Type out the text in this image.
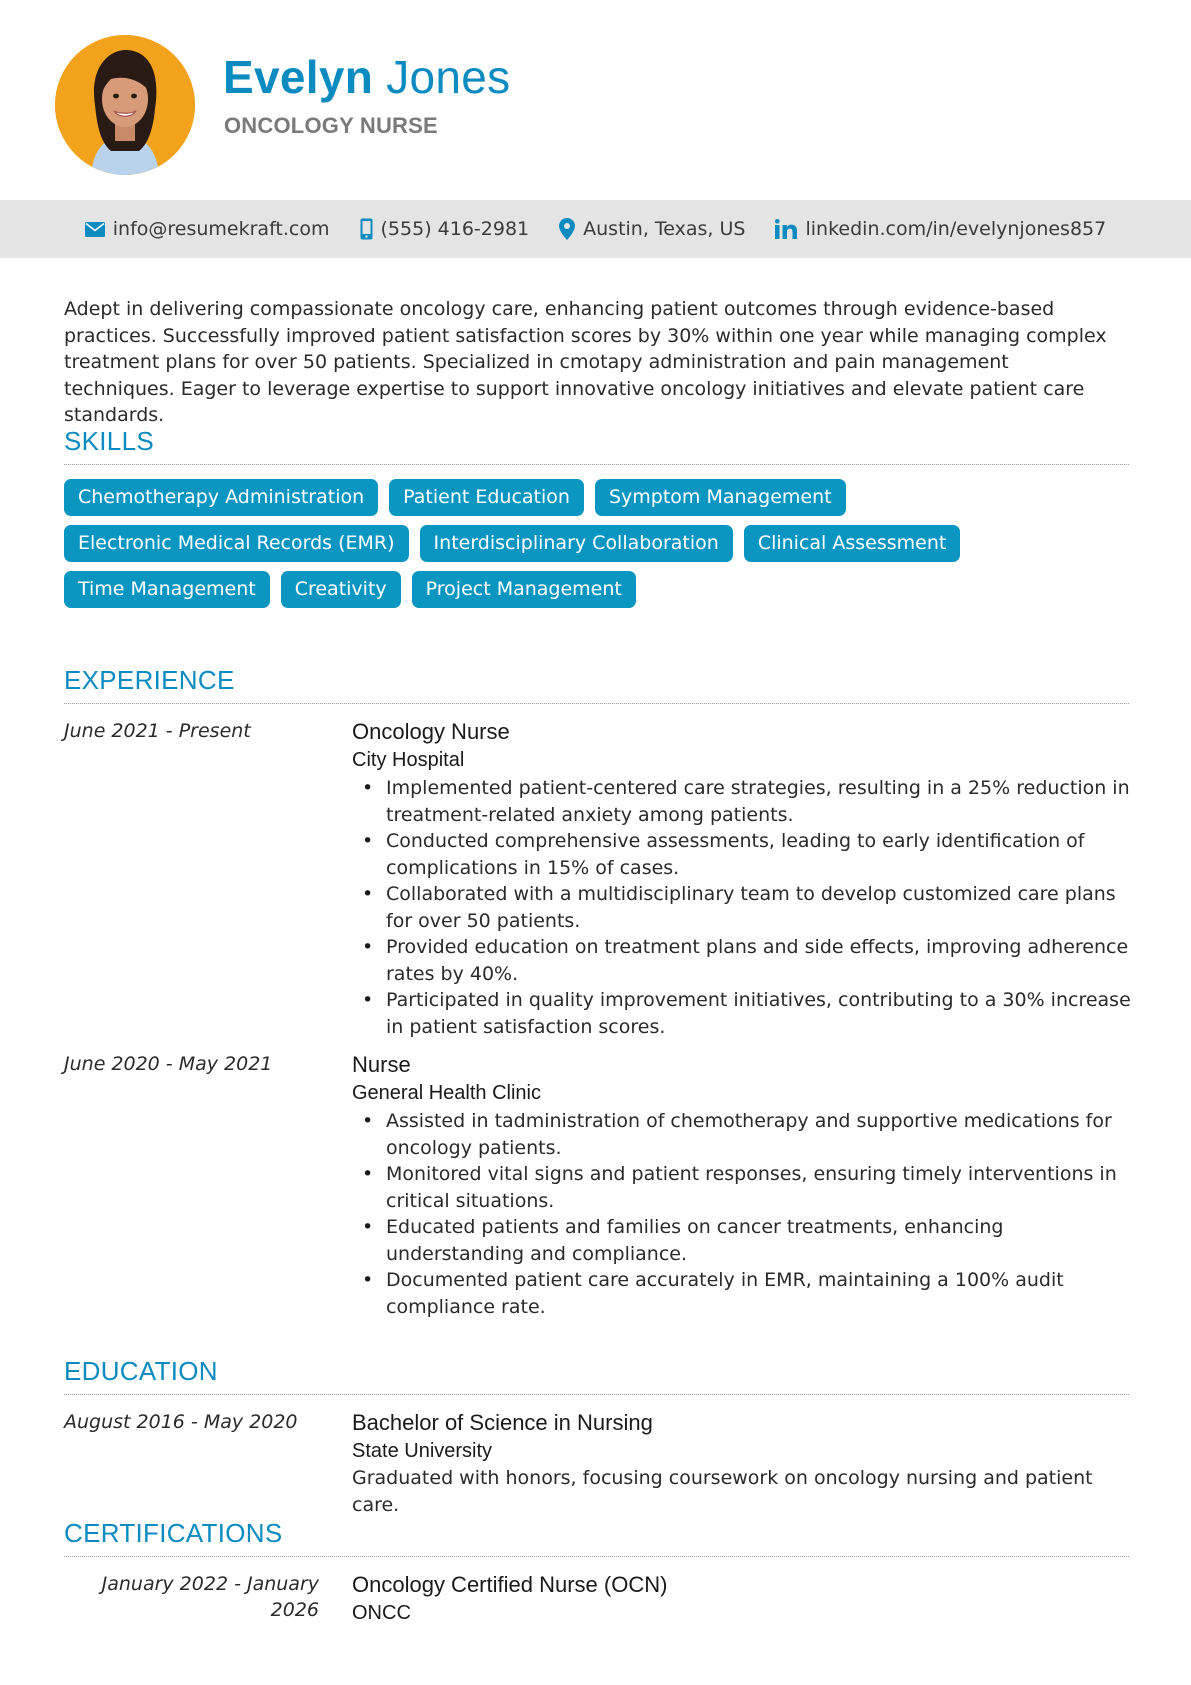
Evelyn Jones
ONCOLOGY NURSE
info@resumekraft.com	(555) 416-2981	Austin, Texas, US	linkedin.com/in/evelynjones857

Adept in delivering compassionate oncology care, enhancing patient outcomes through evidence-based practices. Successfully improved patient satisfaction scores by 30% within one year while managing complex treatment plans for over 50 patients. Specialized in cmotapy administration and pain management techniques. Eager to leverage expertise to support innovative oncology initiatives and elevate patient care standards.

SKILLS
Chemotherapy Administration	Patient Education	Symptom Management
Electronic Medical Records (EMR)	Interdisciplinary Collaboration	Clinical Assessment
Time Management	Creativity	Project Management
EXPERIENCE
June 2021 - Present	Oncology Nurse
City Hospital
• Implemented patient-centered care strategies, resulting in a 25% reduction in treatment-related anxiety among patients.
• Conducted comprehensive assessments, leading to early identification of complications in 15% of cases.
• Collaborated with a multidisciplinary team to develop customized care plans for over 50 patients.
• Provided education on treatment plans and side effects, improving adherence rates by 40%.
• Participated in quality improvement initiatives, contributing to a 30% increase in patient satisfaction scores.
June 2020 - May 2021	Nurse
General Health Clinic
• Assisted in tadministration of chemotherapy and supportive medications for oncology patients.
• Monitored vital signs and patient responses, ensuring timely interventions in critical situations.
• Educated patients and families on cancer treatments, enhancing understanding and compliance.
• Documented patient care accurately in EMR, maintaining a 100% audit compliance rate.
EDUCATION
August 2016 - May 2020	Bachelor of Science in Nursing
State University
Graduated with honors, focusing coursework on oncology nursing and patient care.
CERTIFICATIONS
January 2022 - January 2026
Oncology Certified Nurse (OCN)
ONCC
